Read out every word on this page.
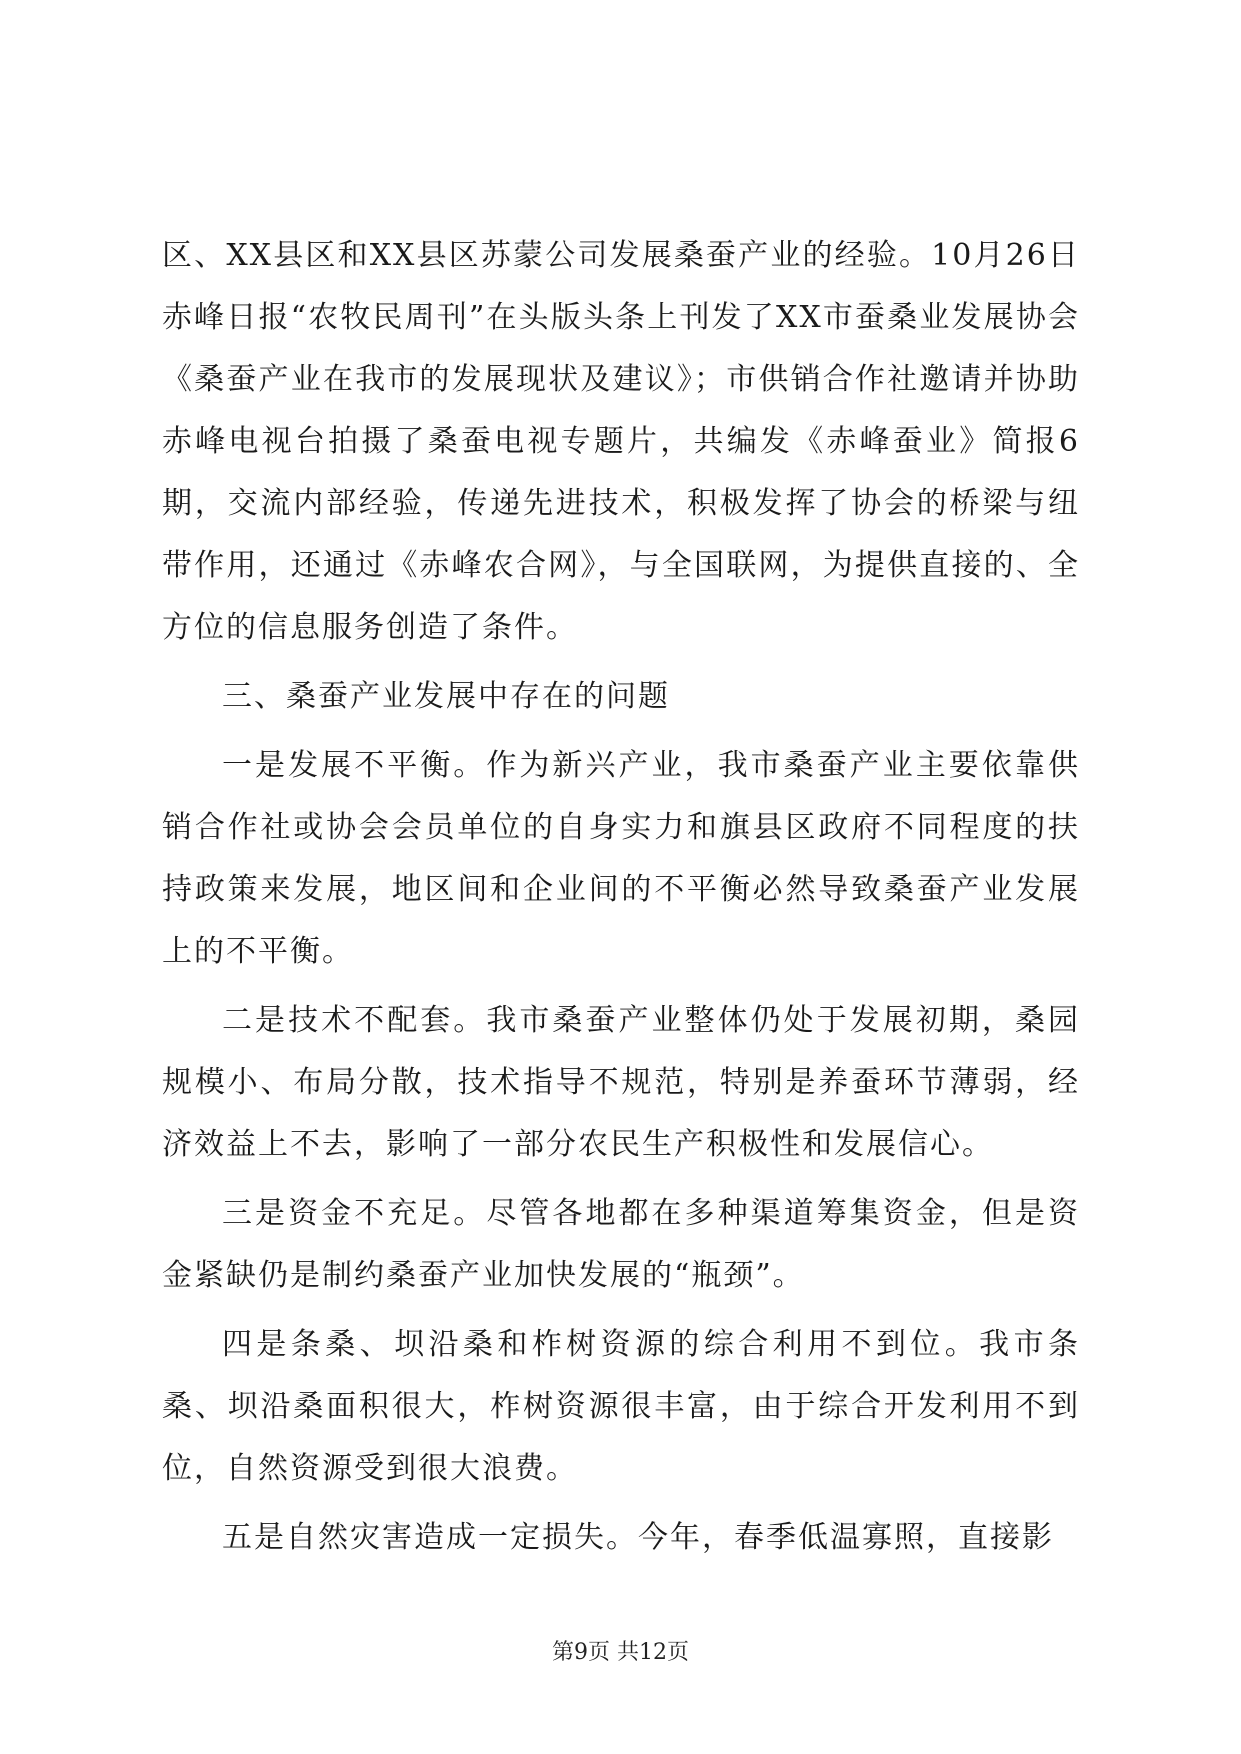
区、XX县区和XX县区苏蒙公司发展桑蚕产业的经验。10月26日赤峰日报“农牧民周刊”在头版头条上刊发了XX市蚕桑业发展协会《桑蚕产业在我市的发展现状及建议》；市供销合作社邀请并协助赤峰电视台拍摄了桑蚕电视专题片，共编发《赤峰蚕业》简报6期，交流内部经验，传递先进技术，积极发挥了协会的桥梁与纽带作用，还通过《赤峰农合网》，与全国联网，为提供直接的、全方位的信息服务创造了条件。

三、桑蚕产业发展中存在的问题

一是发展不平衡。作为新兴产业，我市桑蚕产业主要依靠供销合作社或协会会员单位的自身实力和旗县区政府不同程度的扶持政策来发展，地区间和企业间的不平衡必然导致桑蚕产业发展上的不平衡。

二是技术不配套。我市桑蚕产业整体仍处于发展初期，桑园规模小、布局分散，技术指导不规范，特别是养蚕环节薄弱，经济效益上不去，影响了一部分农民生产积极性和发展信心。

三是资金不充足。尽管各地都在多种渠道筹集资金，但是资金紧缺仍是制约桑蚕产业加快发展的“瓶颈”。

四是条桑、坝沿桑和柞树资源的综合利用不到位。我市条桑、坝沿桑面积很大，柞树资源很丰富，由于综合开发利用不到位，自然资源受到很大浪费。

五是自然灾害造成一定损失。今年，春季低温寡照，直接影

第9页 共12页
